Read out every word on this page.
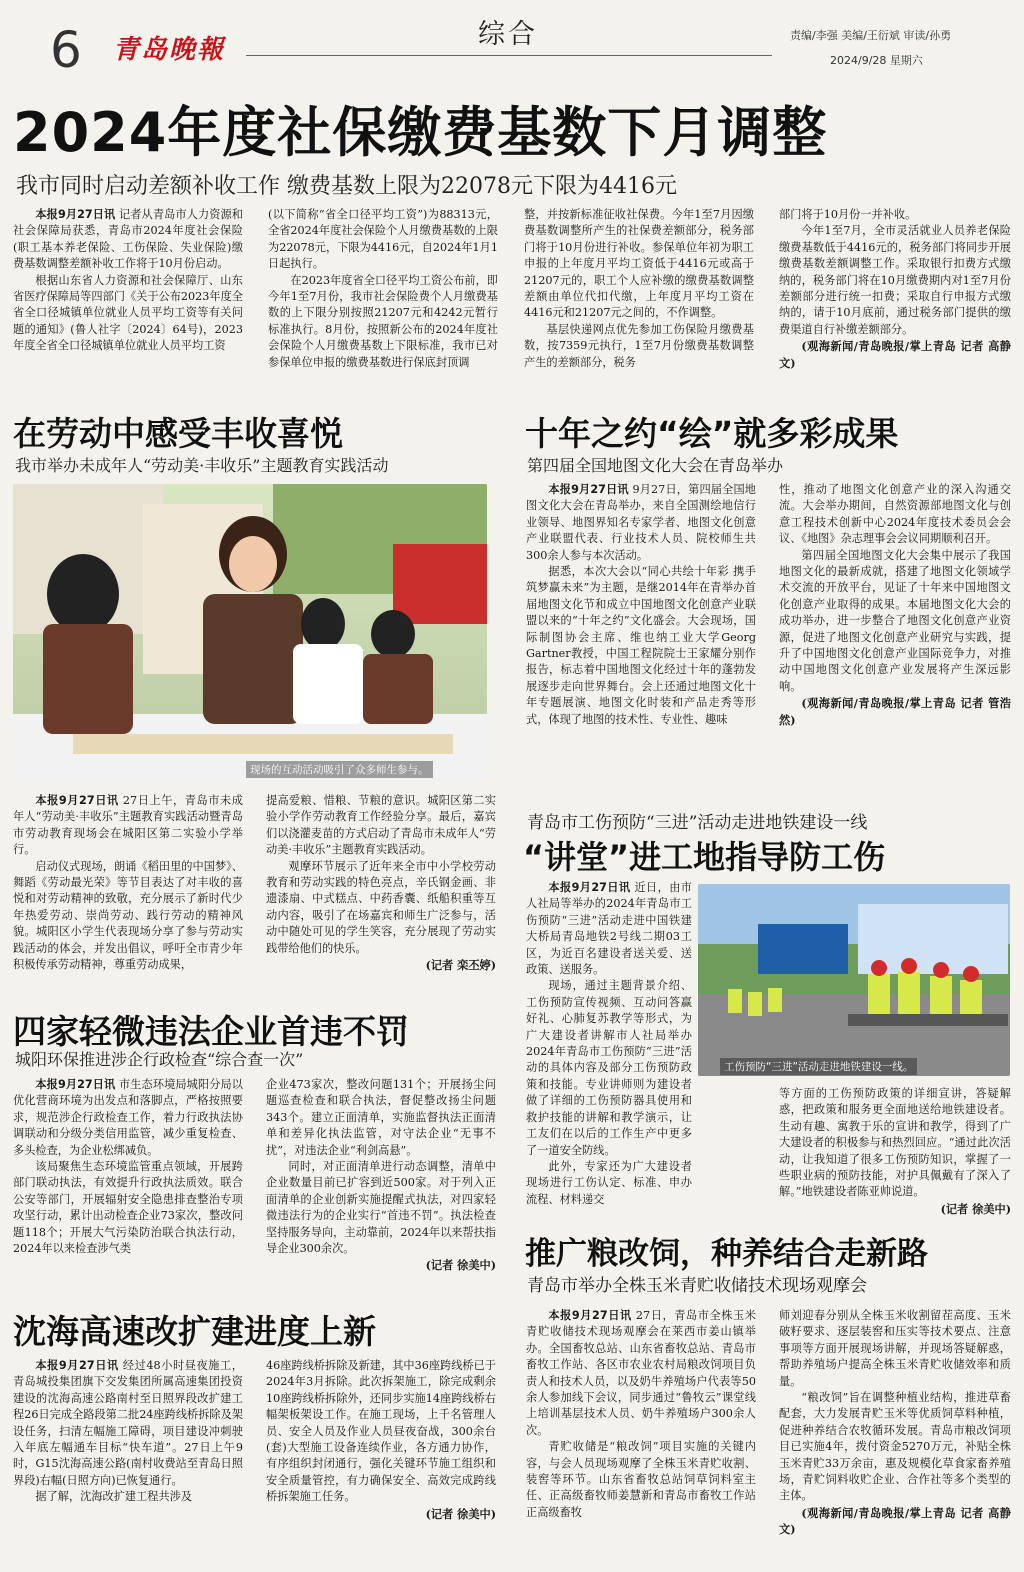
6 青岛晚報	综合	责编/李强 美编/王衍斌 审读/孙勇
2024/9/28 星期六
2024年度社保缴费基数下月调整
我市同时启动差额补收工作 缴费基数上限为22078元下限为4416元

本报9月27日讯 记者从青岛市人力资源和社会保障局获悉，青岛市2024年度社会保险(职工基本养老保险、工伤保险、失业保险)缴费基数调整差额补收工作将于10月份启动。

根据山东省人力资源和社会保障厅、山东省医疗保障局等四部门《关于公布2023年度全省全口径城镇单位就业人员平均工资等有关问题的通知》(鲁人社字〔2024〕64号)，2023年度全省全口径城镇单位就业人员平均工资

(以下简称“省全口径平均工资”)为88313元，全省2024年度社会保险个人月缴费基数的上限为22078元，下限为4416元，自2024年1月1日起执行。

在2023年度省全口径平均工资公布前，即今年1至7月份，我市社会保险费个人月缴费基数的上下限分别按照21207元和4242元暂行标准执行。8月份，按照新公布的2024年度社会保险个人月缴费基数上下限标准，我市已对参保单位申报的缴费基数进行保底封顶调

整，并按新标准征收社保费。今年1至7月因缴费基数调整所产生的社保费差额部分，税务部门将于10月份进行补收。参保单位年初为职工申报的上年度月平均工资低于4416元或高于21207元的，职工个人应补缴的缴费基数调整差额由单位代扣代缴，上年度月平均工资在4416元和21207元之间的，不作调整。

基层快递网点优先参加工伤保险月缴费基数，按7359元执行，1至7月份缴费基数调整产生的差额部分，税务

部门将于10月份一并补收。

今年1至7月，全市灵活就业人员养老保险缴费基数低于4416元的，税务部门将同步开展缴费基数差额调整工作。采取银行扣费方式缴纳的，税务部门将在10月缴费期内对1至7月份差额部分进行统一扣费；采取自行申报方式缴纳的，请于10月底前，通过税务部门提供的缴费渠道自行补缴差额部分。

(观海新闻/青岛晚报/掌上青岛 记者 高静文)

在劳动中感受丰收喜悦
我市举办未成年人“劳动美·丰收乐”主题教育实践活动
现场的互动活动吸引了众多师生参与。

本报9月27日讯 27日上午，青岛市未成年人“劳动美·丰收乐”主题教育实践活动暨青岛市劳动教育现场会在城阳区第二实验小学举行。

启动仪式现场，朗诵《稻田里的中国梦》、舞蹈《劳动最光荣》等节目表达了对丰收的喜悦和对劳动精神的致敬，充分展示了新时代少年热爱劳动、崇尚劳动、践行劳动的精神风貌。城阳区小学生代表现场分享了参与劳动实践活动的体会，并发出倡议，呼吁全市青少年积极传承劳动精神，尊重劳动成果，

提高爱粮、惜粮、节粮的意识。城阳区第二实验小学作劳动教育工作经验分享。最后，嘉宾们以浇灌麦苗的方式启动了青岛市未成年人“劳动美·丰收乐”主题教育实践活动。

观摩环节展示了近年来全市中小学校劳动教育和劳动实践的特色亮点，辛氏钢金画、非遗漆扇、中式糕点、中药香囊、纸船积重等互动内容，吸引了在场嘉宾和师生广泛参与，活动中随处可见的学生笑容，充分展现了劳动实践带给他们的快乐。

(记者 栾丕婷)

十年之约“绘”就多彩成果
第四届全国地图文化大会在青岛举办

本报9月27日讯 9月27日，第四届全国地图文化大会在青岛举办，来自全国测绘地信行业领导、地图界知名专家学者、地图文化创意产业联盟代表、行业技术人员、院校师生共300余人参与本次活动。

据悉，本次大会以“同心共绘十年彩 携手筑梦赢未来”为主题，是继2014年在青举办首届地图文化节和成立中国地图文化创意产业联盟以来的“十年之约”文化盛会。大会现场，国际制图协会主席、维也纳工业大学Georg Gartner教授，中国工程院院士王家耀分别作报告，标志着中国地图文化经过十年的蓬勃发展逐步走向世界舞台。会上还通过地图文化十年专题展演、地图文化时装和产品走秀等形式，体现了地图的技术性、专业性、趣味

性，推动了地图文化创意产业的深入沟通交流。大会举办期间，自然资源部地图文化与创意工程技术创新中心2024年度技术委员会会议、《地图》杂志理事会会议同期顺利召开。

第四届全国地图文化大会集中展示了我国地图文化的最新成就，搭建了地图文化领域学术交流的开放平台，见证了十年来中国地图文化创意产业取得的成果。本届地图文化大会的成功举办，进一步整合了地图文化创意产业资源，促进了地图文化创意产业研究与实践，提升了中国地图文化创意产业国际竞争力，对推动中国地图文化创意产业发展将产生深远影响。

(观海新闻/青岛晚报/掌上青岛 记者 管浩然)

青岛市工伤预防“三进”活动走进地铁建设一线
“讲堂”进工地指导防工伤

本报9月27日讯 近日，由市人社局等举办的2024年青岛市工伤预防“三进”活动走进中国铁建大桥局青岛地铁2号线二期03工区，为近百名建设者送关爱、送政策、送服务。

现场，通过主题背景介绍、工伤预防宣传视频、互动问答赢好礼、心肺复苏教学等形式，为广大建设者讲解市人社局举办2024年青岛市工伤预防“三进”活动的具体内容及部分工伤预防政策和技能。专业讲师则为建设者做了详细的工伤预防器具使用和救护技能的讲解和教学演示，让工友们在以后的工作生产中更多了一道安全防线。

此外，专家还为广大建设者现场进行工伤认定、标准、申办流程、材料递交

工伤预防“三进”活动走进地铁建设一线。

等方面的工伤预防政策的详细宣讲，答疑解惑，把政策和服务更全面地送给地铁建设者。生动有趣、寓教于乐的宣讲和教学，得到了广大建设者的积极参与和热烈回应。“通过此次活动，让我知道了很多工伤预防知识，掌握了一些职业病的预防技能，对护具佩戴有了深入了解。”地铁建设者陈亚帅说道。

(记者 徐美中)

四家轻微违法企业首违不罚
城阳环保推进涉企行政检查“综合查一次”

本报9月27日讯 市生态环境局城阳分局以优化营商环境为出发点和落脚点，严格按照要求，规范涉企行政检查工作，着力行政执法协调联动和分级分类信用监管，减少重复检查、多头检查，为企业松绑减负。

该局聚焦生态环境监管重点领域，开展跨部门联动执法，有效提升行政执法质效。联合公安等部门，开展辐射安全隐患排查整治专项攻坚行动，累计出动检查企业73家次，整改问题118个；开展大气污染防治联合执法行动，2024年以来检查涉气类

企业473家次，整改问题131个；开展扬尘问题巡查检查和联合执法，督促整改扬尘问题343个。建立正面清单，实施监督执法正面清单和差异化执法监管，对守法企业“无事不扰”，对违法企业“利剑高悬”。

同时，对正面清单进行动态调整，清单中企业数量目前已扩容到近500家。对于列入正面清单的企业创新实施提醒式执法，对四家轻微违法行为的企业实行“首违不罚”。执法检查坚持服务导向，主动靠前，2024年以来帮扶指导企业300余次。

(记者 徐美中)

沈海高速改扩建进度上新

本报9月27日讯 经过48小时昼夜施工，青岛城投集团旗下交发集团所属高速集团投资建设的沈海高速公路南村至日照界段改扩建工程26日完成全路段第二批24座跨线桥拆除及架设任务，扫清左幅施工障碍，项目建设冲刺驶入年底左幅通车目标“快车道”。27日上午9时，G15沈海高速公路(南村收费站至青岛日照界段)右幅(日照方向)已恢复通行。

据了解，沈海改扩建工程共涉及

46座跨线桥拆除及新建，其中36座跨线桥已于2024年3月拆除。此次拆架施工，除完成剩余10座跨线桥拆除外，还同步实施14座跨线桥右幅架板架设工作。在施工现场，上千名管理人员、安全人员及作业人员昼夜奋战，300余台(套)大型施工设备连续作业，各方通力协作，有序组织封闭通行，强化关键环节施工组织和安全质量管控，有力确保安全、高效完成跨线桥拆架施工任务。

(记者 徐美中)

推广粮改饲，种养结合走新路
青岛市举办全株玉米青贮收储技术现场观摩会

本报9月27日讯 27日，青岛市全株玉米青贮收储技术现场观摩会在莱西市姜山镇举办。全国畜牧总站、山东省畜牧总站、青岛市畜牧工作站、各区市农业农村局粮改饲项目负责人和技术人员，以及奶牛养殖场户代表等50余人参加线下会议，同步通过“鲁牧云”课堂线上培训基层技术人员、奶牛养殖场户300余人次。

青贮收储是“粮改饲”项目实施的关键内容，与会人员现场观摩了全株玉米青贮收割、装窖等环节。山东省畜牧总站饲草饲料室主任、正高级畜牧师姜慧新和青岛市畜牧工作站正高级畜牧

师刘迎春分别从全株玉米收割留茬高度、玉米破籽要求、逐层装窖和压实等技术要点、注意事项等方面开展现场讲解，并现场答疑解惑，帮助养殖场户提高全株玉米青贮收储效率和质量。

“粮改饲”旨在调整种植业结构，推进草畜配套，大力发展青贮玉米等优质饲草料种植，促进种养结合农牧循环发展。青岛市粮改饲项目已实施4年，拨付资金5270万元，补贴全株玉米青贮33万余亩，惠及规模化草食家畜养殖场，青贮饲料收贮企业、合作社等多个类型的主体。

(观海新闻/青岛晚报/掌上青岛 记者 高静文)
